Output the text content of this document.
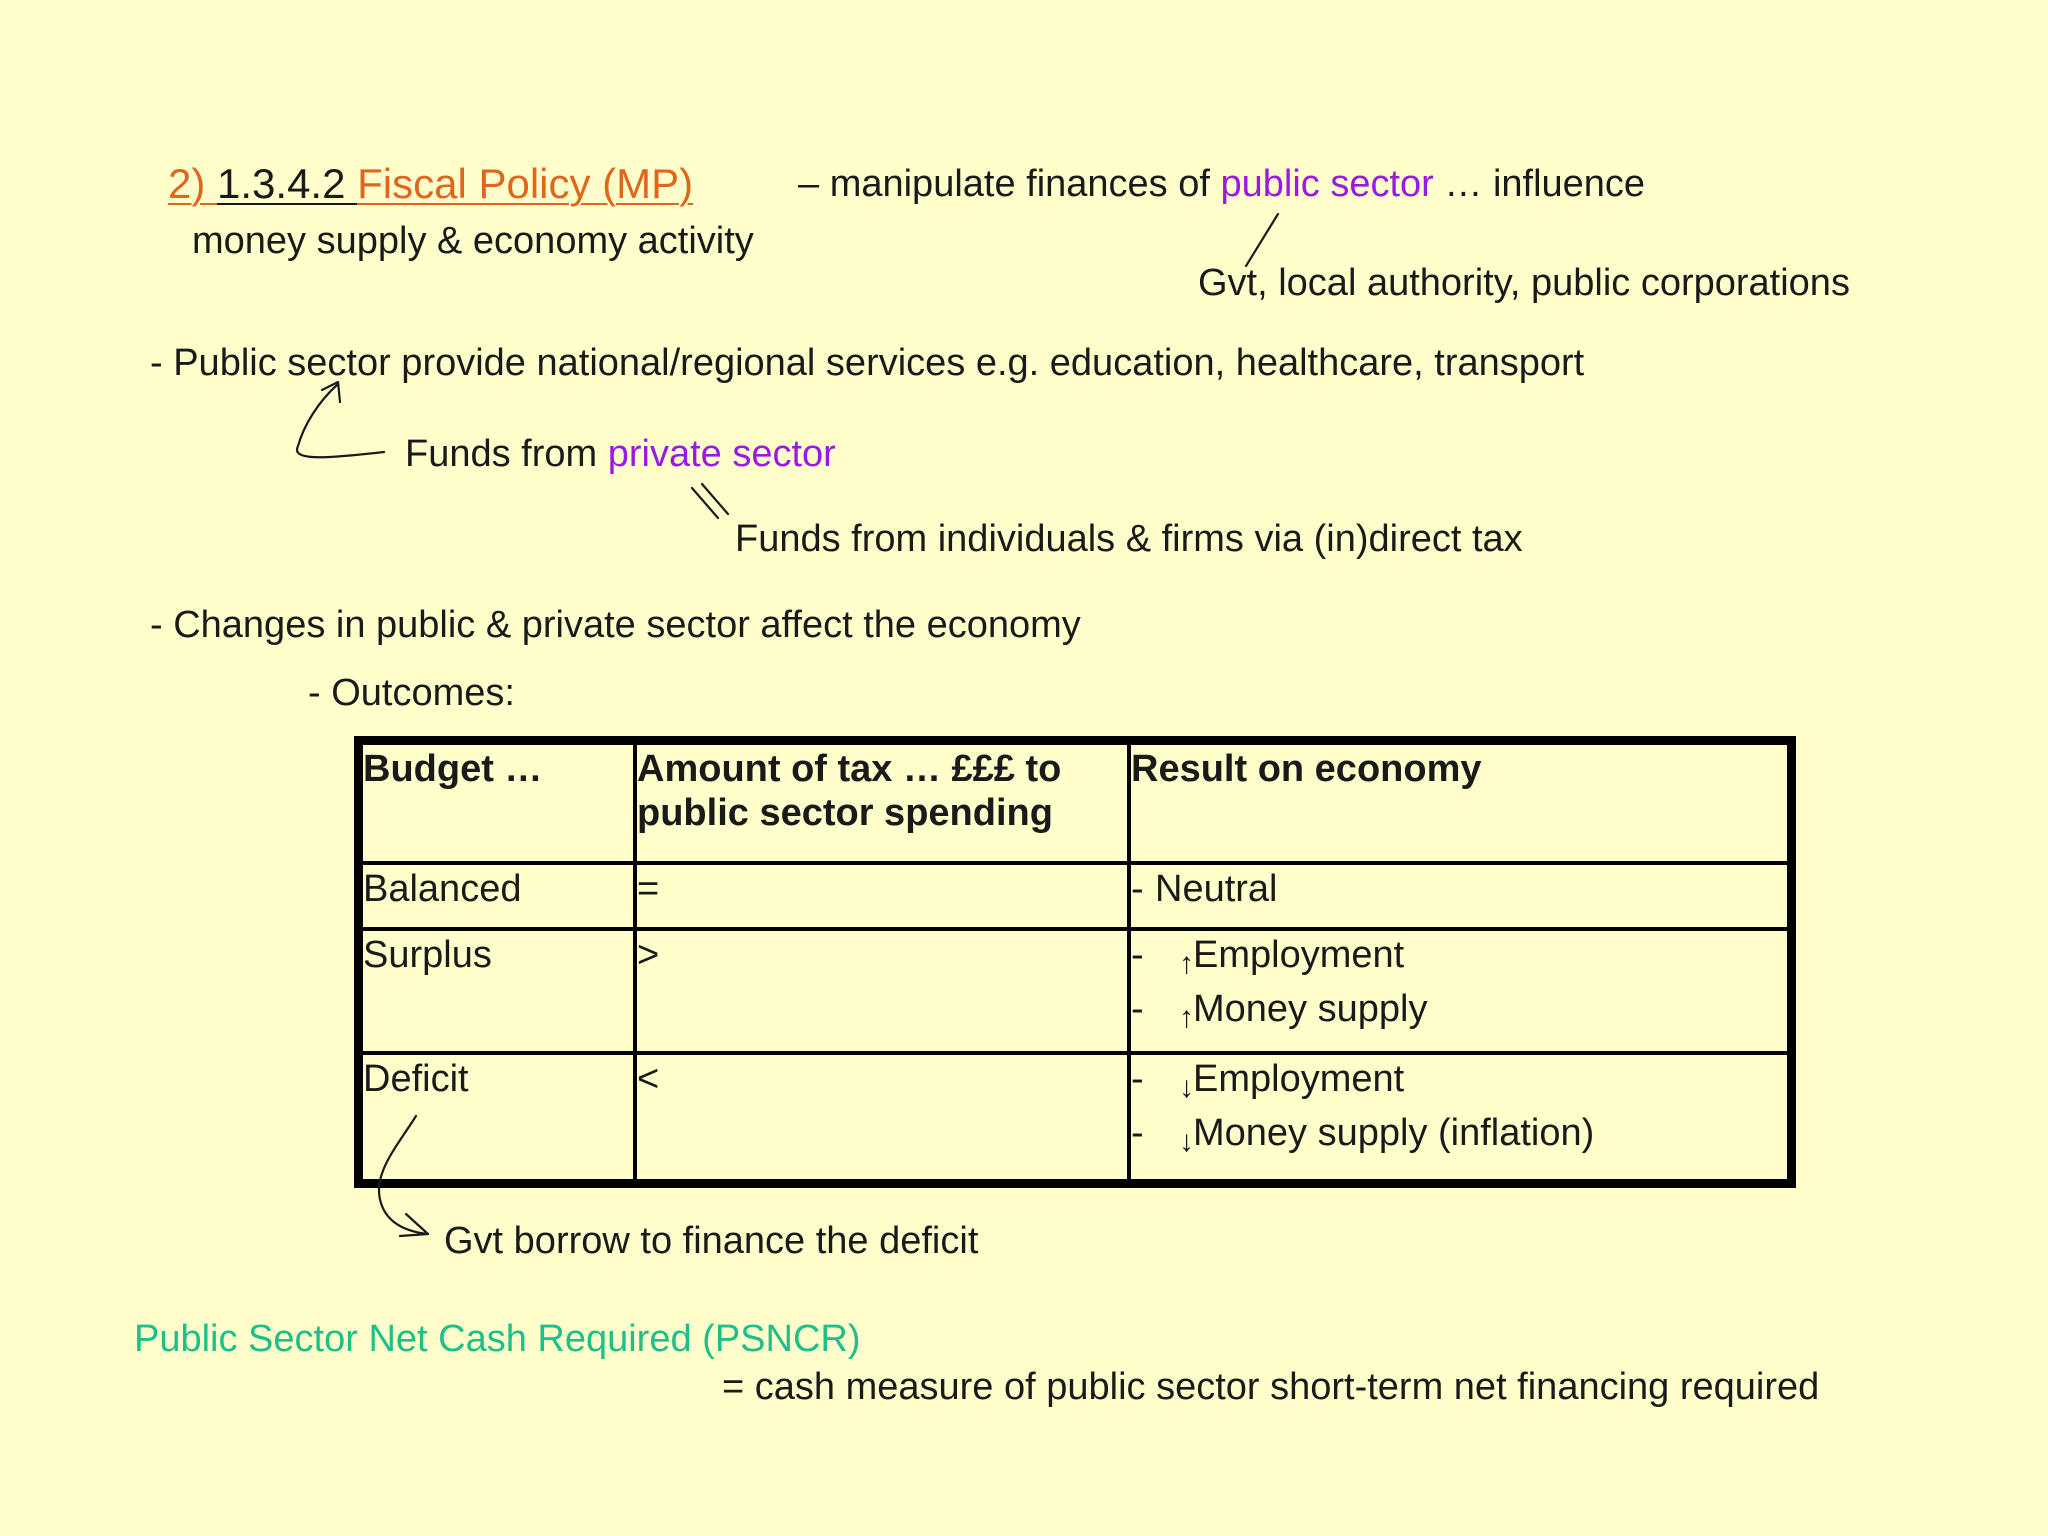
2) 1.3.4.2 Fiscal Policy (MP)	– manipulate finances of public sector … influence
money supply & economy activity
Gvt, local authority, public corporations
- Public sector provide national/regional services e.g. education, healthcare, transport
Funds from private sector
Funds from individuals & firms via (in)direct tax
- Changes in public & private sector affect the economy
- Outcomes:
Budget …	Amount of tax … £££ to public sector spending	Result on economy
Balanced	=	- Neutral

Surplus	>	- ↑Employment
- ↑Money supply

Deficit	<	- ↓Employment
- ↓Money supply (inflation)
Gvt borrow to finance the deficit
Public Sector Net Cash Required (PSNCR)
= cash measure of public sector short-term net financing required
